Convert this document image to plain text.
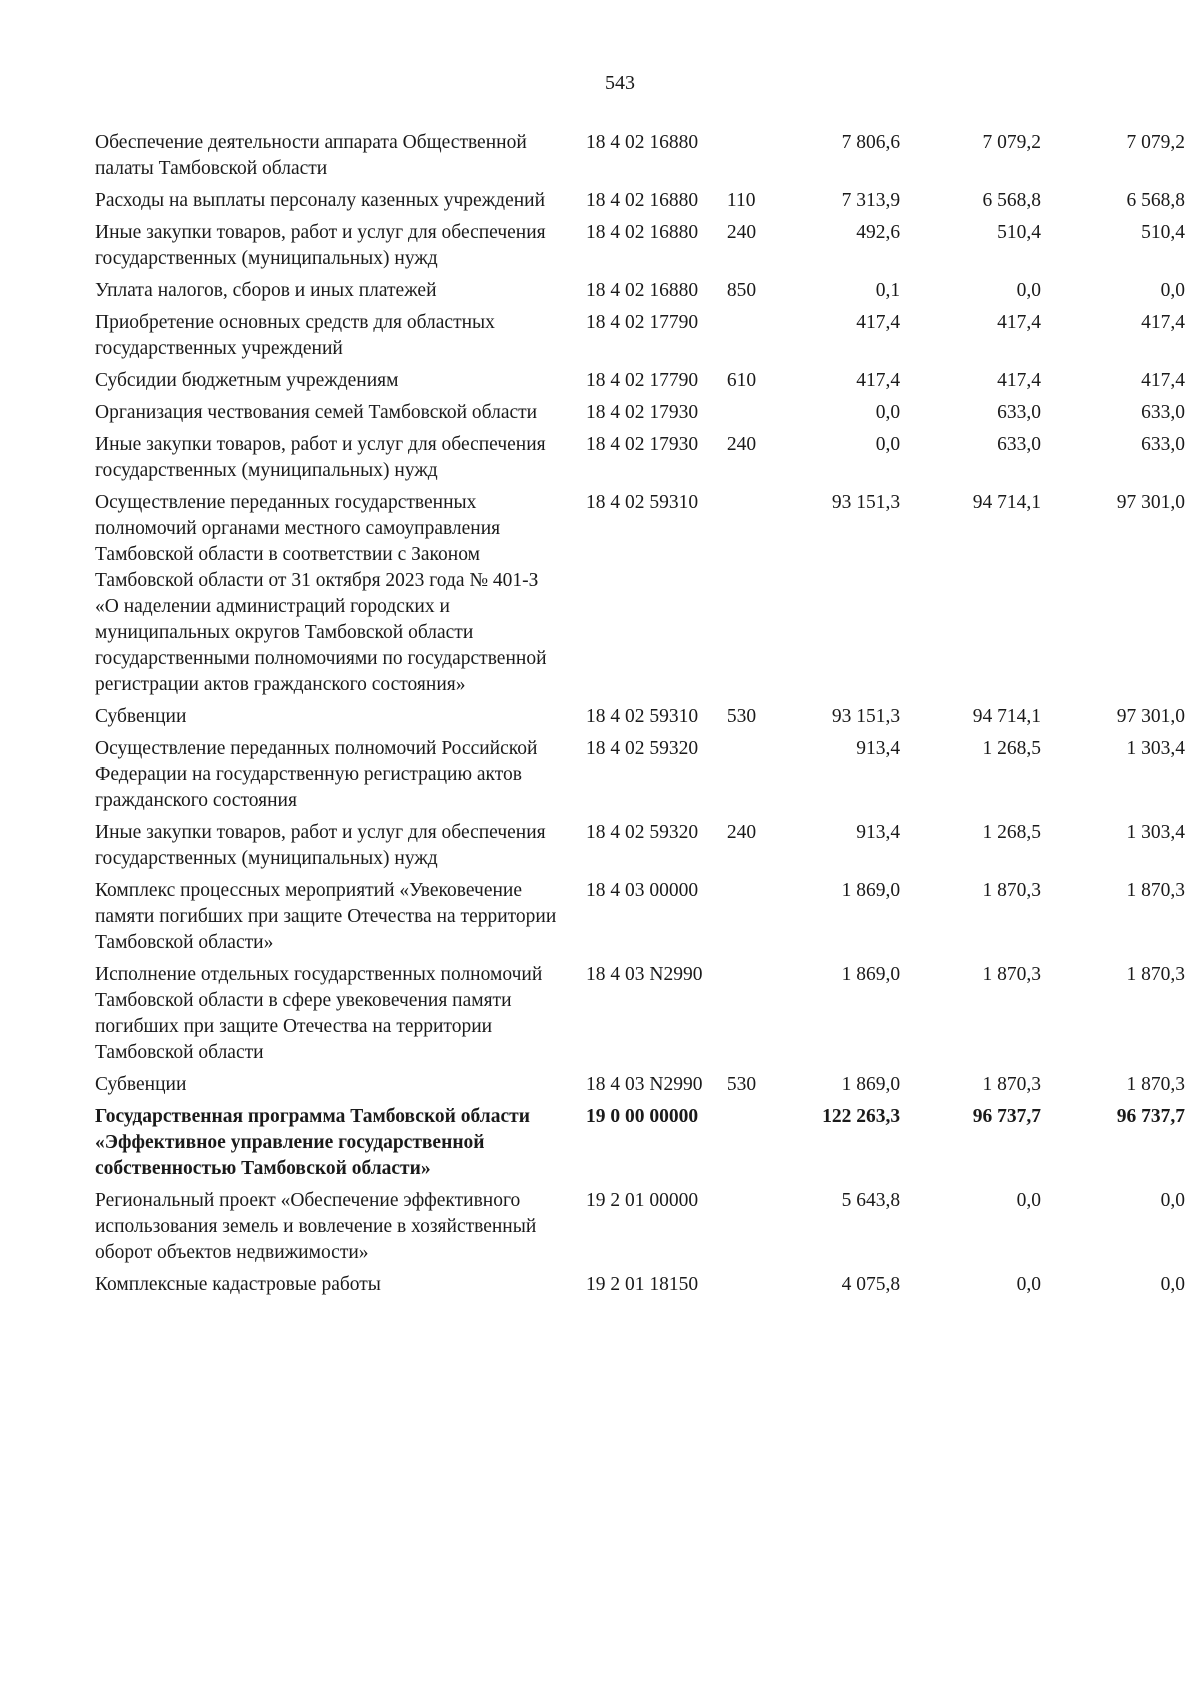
543
Обеспечение деятельности аппарата Общественной палаты Тамбовской области	18 4 02 16880		7 806,6	7 079,2	7 079,2
Расходы на выплаты персоналу казенных учреждений	18 4 02 16880	110	7 313,9	6 568,8	6 568,8
Иные закупки товаров, работ и услуг для обеспечения государственных (муниципальных) нужд	18 4 02 16880	240	492,6	510,4	510,4
Уплата налогов, сборов и иных платежей	18 4 02 16880	850	0,1	0,0	0,0
Приобретение основных средств для областных государственных учреждений	18 4 02 17790		417,4	417,4	417,4
Субсидии бюджетным учреждениям	18 4 02 17790	610	417,4	417,4	417,4
Организация чествования семей Тамбовской области	18 4 02 17930		0,0	633,0	633,0
Иные закупки товаров, работ и услуг для обеспечения государственных (муниципальных) нужд	18 4 02 17930	240	0,0	633,0	633,0
Осуществление переданных государственных полномочий органами местного самоуправления Тамбовской области в соответствии с Законом Тамбовской области от 31 октября 2023 года № 401-З «О наделении администраций городских и муниципальных округов Тамбовской области государственными полномочиями по государственной регистрации актов гражданского состояния»	18 4 02 59310		93 151,3	94 714,1	97 301,0
Субвенции	18 4 02 59310	530	93 151,3	94 714,1	97 301,0
Осуществление переданных полномочий Российской Федерации на государственную регистрацию актов гражданского состояния	18 4 02 59320		913,4	1 268,5	1 303,4
Иные закупки товаров, работ и услуг для обеспечения государственных (муниципальных) нужд	18 4 02 59320	240	913,4	1 268,5	1 303,4
Комплекс процессных мероприятий «Увековечение памяти погибших при защите Отечества на территории Тамбовской области»	18 4 03 00000		1 869,0	1 870,3	1 870,3
Исполнение отдельных государственных полномочий Тамбовской области в сфере увековечения памяти погибших при защите Отечества на территории Тамбовской области	18 4 03 N2990		1 869,0	1 870,3	1 870,3
Субвенции	18 4 03 N2990	530	1 869,0	1 870,3	1 870,3
Государственная программа Тамбовской области «Эффективное управление государственной собственностью Тамбовской области»	19 0 00 00000		122 263,3	96 737,7	96 737,7
Региональный проект «Обеспечение эффективного использования земель и вовлечение в хозяйственный оборот объектов недвижимости»	19 2 01 00000		5 643,8	0,0	0,0
Комплексные кадастровые работы	19 2 01 18150		4 075,8	0,0	0,0
